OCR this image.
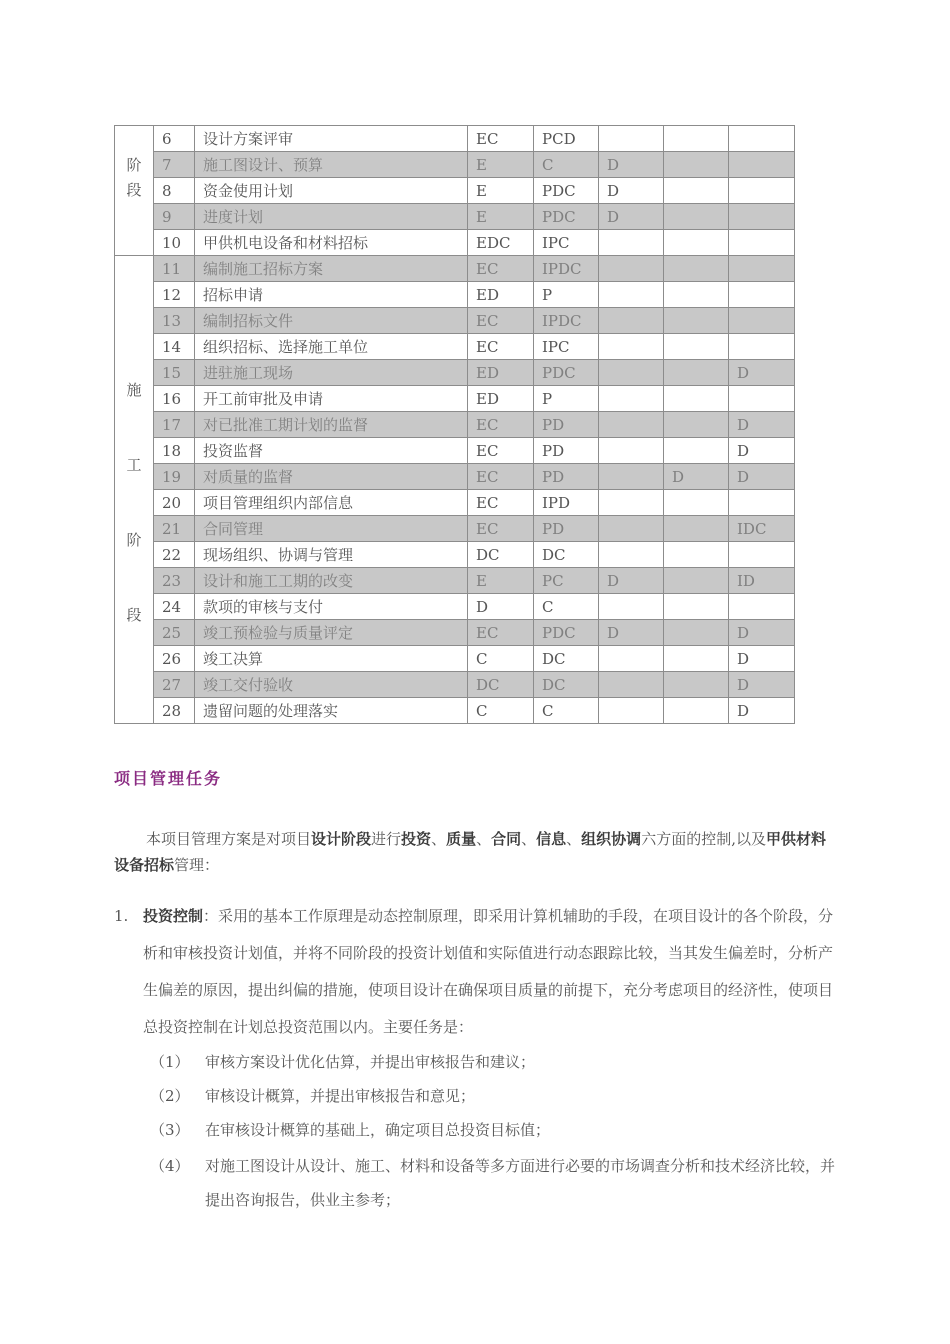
阶
段	6	设计方案评审	EC	PCD			
	7	施工图设计、预算	E	C	D		
	8	资金使用计划	E	PDC	D		
	9	进度计划	E	PDC	D		
	10	甲供机电设备和材料招标	EDC	IPC			

施
工
阶
段	11	编制施工招标方案	EC	IPDC			
	12	招标申请	ED	P			
	13	编制招标文件	EC	IPDC			
	14	组织招标、选择施工单位	EC	IPC			
	15	进驻施工现场	ED	PDC			D
	16	开工前审批及申请	ED	P			
	17	对已批准工期计划的监督	EC	PD			D
	18	投资监督	EC	PD			D
	19	对质量的监督	EC	PD		D	D
	20	项目管理组织内部信息	EC	IPD			
	21	合同管理	EC	PD			IDC
	22	现场组织、协调与管理	DC	DC			
	23	设计和施工工期的改变	E	PC	D		ID
	24	款项的审核与支付	D	C			
	25	竣工预检验与质量评定	EC	PDC	D		D
	26	竣工决算	C	DC			D
	27	竣工交付验收	DC	DC			D
	28	遗留问题的处理落实	C	C			D
项目管理任务
本项目管理方案是对项目设计阶段进行投资、质量、合同、信息、组织协调六方面的控制,以及甲供材料设备招标管理：
1. 投资控制：采用的基本工作原理是动态控制原理，即采用计算机辅助的手段，在项目设计的各个阶段，分析和审核投资计划值，并将不同阶段的投资计划值和实际值进行动态跟踪比较，当其发生偏差时，分析产生偏差的原因，提出纠偏的措施，使项目设计在确保项目质量的前提下，充分考虑项目的经济性，使项目总投资控制在计划总投资范围以内。主要任务是：
（1） 审核方案设计优化估算，并提出审核报告和建议；
（2） 审核设计概算，并提出审核报告和意见；
（3） 在审核设计概算的基础上，确定项目总投资目标值；
（4） 对施工图设计从设计、施工、材料和设备等多方面进行必要的市场调查分析和技术经济比较，并提出咨询报告，供业主参考；
